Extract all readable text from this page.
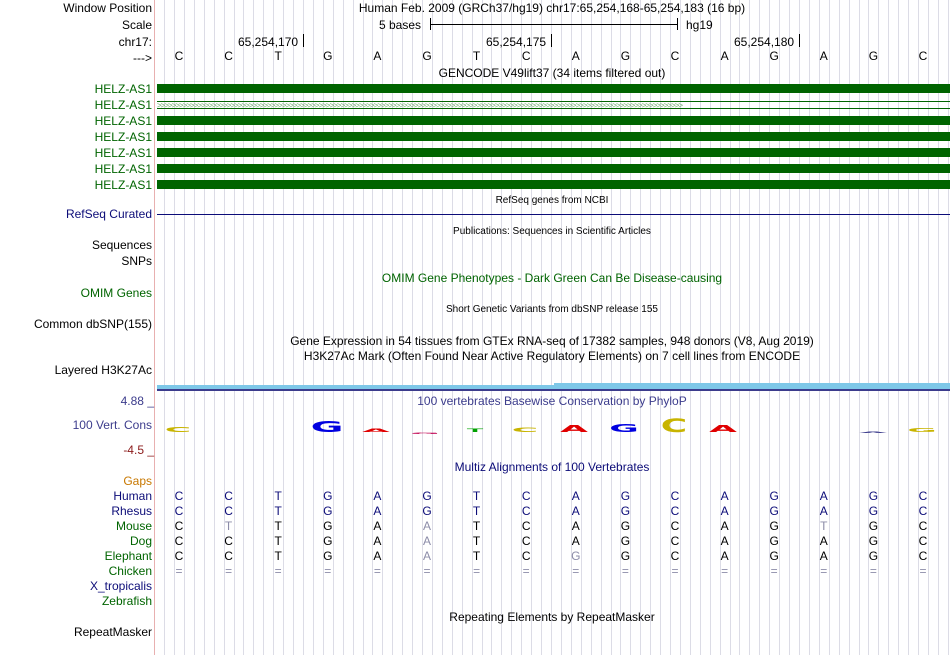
Window Position	Human Feb. 2009 (GRCh37/hg19) chr17:65,254,168-65,254,183 (16 bp)
Scale	5 bases	hg19
chr17:	65,254,170	65,254,175	65,254,180
---> C	C	T	G	A	G	T	C	A	G	C	A	G	A	G	C
GENCODE V49lift37 (34 items filtered out)
HELZ-AS1
HELZ-AS1 >>>>>>>>>>>>>>>>>>>>>>>>>>>>>>>>>>>>>>>>>>>>>>>>>>>>>>>>>>>>>>>>>>>>>>>>>>>>>>>>>>>>>>>>>>>>>>>>>>>>>>>>>>>>>>>>>>>>>>>>>>>>>>>>>>>>>>>>>>>>>>>
HELZ-AS1
HELZ-AS1
HELZ-AS1
HELZ-AS1
HELZ-AS1
RefSeq genes from NCBI
RefSeq Curated
Publications: Sequences in Scientific Articles
Sequences
SNPs
OMIM Gene Phenotypes - Dark Green Can Be Disease-causing
OMIM Genes
Short Genetic Variants from dbSNP release 155
Common dbSNP(155)
Gene Expression in 54 tissues from GTEx RNA-seq of 17382 samples, 948 donors (V8, Aug 2019)
H3K27Ac Mark (Often Found Near Active Regulatory Elements) on 7 cell lines from ENCODE
Layered H3K27Ac
4.88 _	100 vertebrates Basewise Conservation by PhyloP
100 Vert. Cons
-4.5 _
C	G A
G
T C A G C A	A G
Multiz Alignments of 100 Vertebrates
Gaps
Human C	C	T	G	A	G	T	C	A	G	C	A	G	A	G	C
Rhesus C	C	T	G	A	G	T	C	A	G	C	A	G	A	G	C
Mouse C	T	T	G	A	A	T	C	A	G	C	A	G	T	G	C
Dog C	C	T	G	A	A	T	C	A	G	C	A	G	A	G	C
Elephant C	C	T	G	A	A	T	C	G	G	C	A	G	A	G	C
Chicken =	=	=	=	=	=	=	=	=	=	=	=	=	=	=	=
X_tropicalis
Zebrafish
Repeating Elements by RepeatMasker
RepeatMasker
